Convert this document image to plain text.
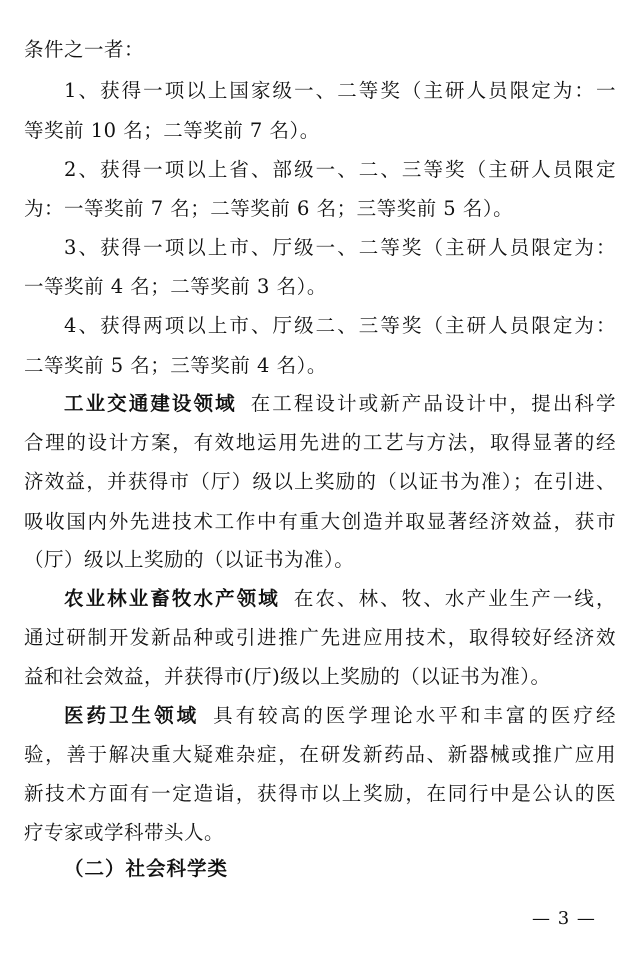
条件之一者：
1、获得一项以上国家级一、二等奖（主研人员限定为：一
等奖前 10 名；二等奖前 7 名）。
2、获得一项以上省、部级一、二、三等奖（主研人员限定
为：一等奖前 7 名；二等奖前 6 名；三等奖前 5 名）。
3、获得一项以上市、厅级一、二等奖（主研人员限定为：
一等奖前 4 名；二等奖前 3 名）。
4、获得两项以上市、厅级二、三等奖（主研人员限定为：
二等奖前 5 名；三等奖前 4 名）。
工业交通建设领域 在工程设计或新产品设计中，提出科学
合理的设计方案，有效地运用先进的工艺与方法，取得显著的经
济效益，并获得市（厅）级以上奖励的（以证书为准）；在引进、
吸收国内外先进技术工作中有重大创造并取显著经济效益，获市
（厅）级以上奖励的（以证书为准）。
农业林业畜牧水产领域 在农、林、牧、水产业生产一线，
通过研制开发新品种或引进推广先进应用技术，取得较好经济效
益和社会效益，并获得市(厅)级以上奖励的（以证书为准）。
医药卫生领域 具有较高的医学理论水平和丰富的医疗经
验，善于解决重大疑难杂症，在研发新药品、新器械或推广应用
新技术方面有一定造诣，获得市以上奖励，在同行中是公认的医
疗专家或学科带头人。
（二）社会科学类
— 3 —
